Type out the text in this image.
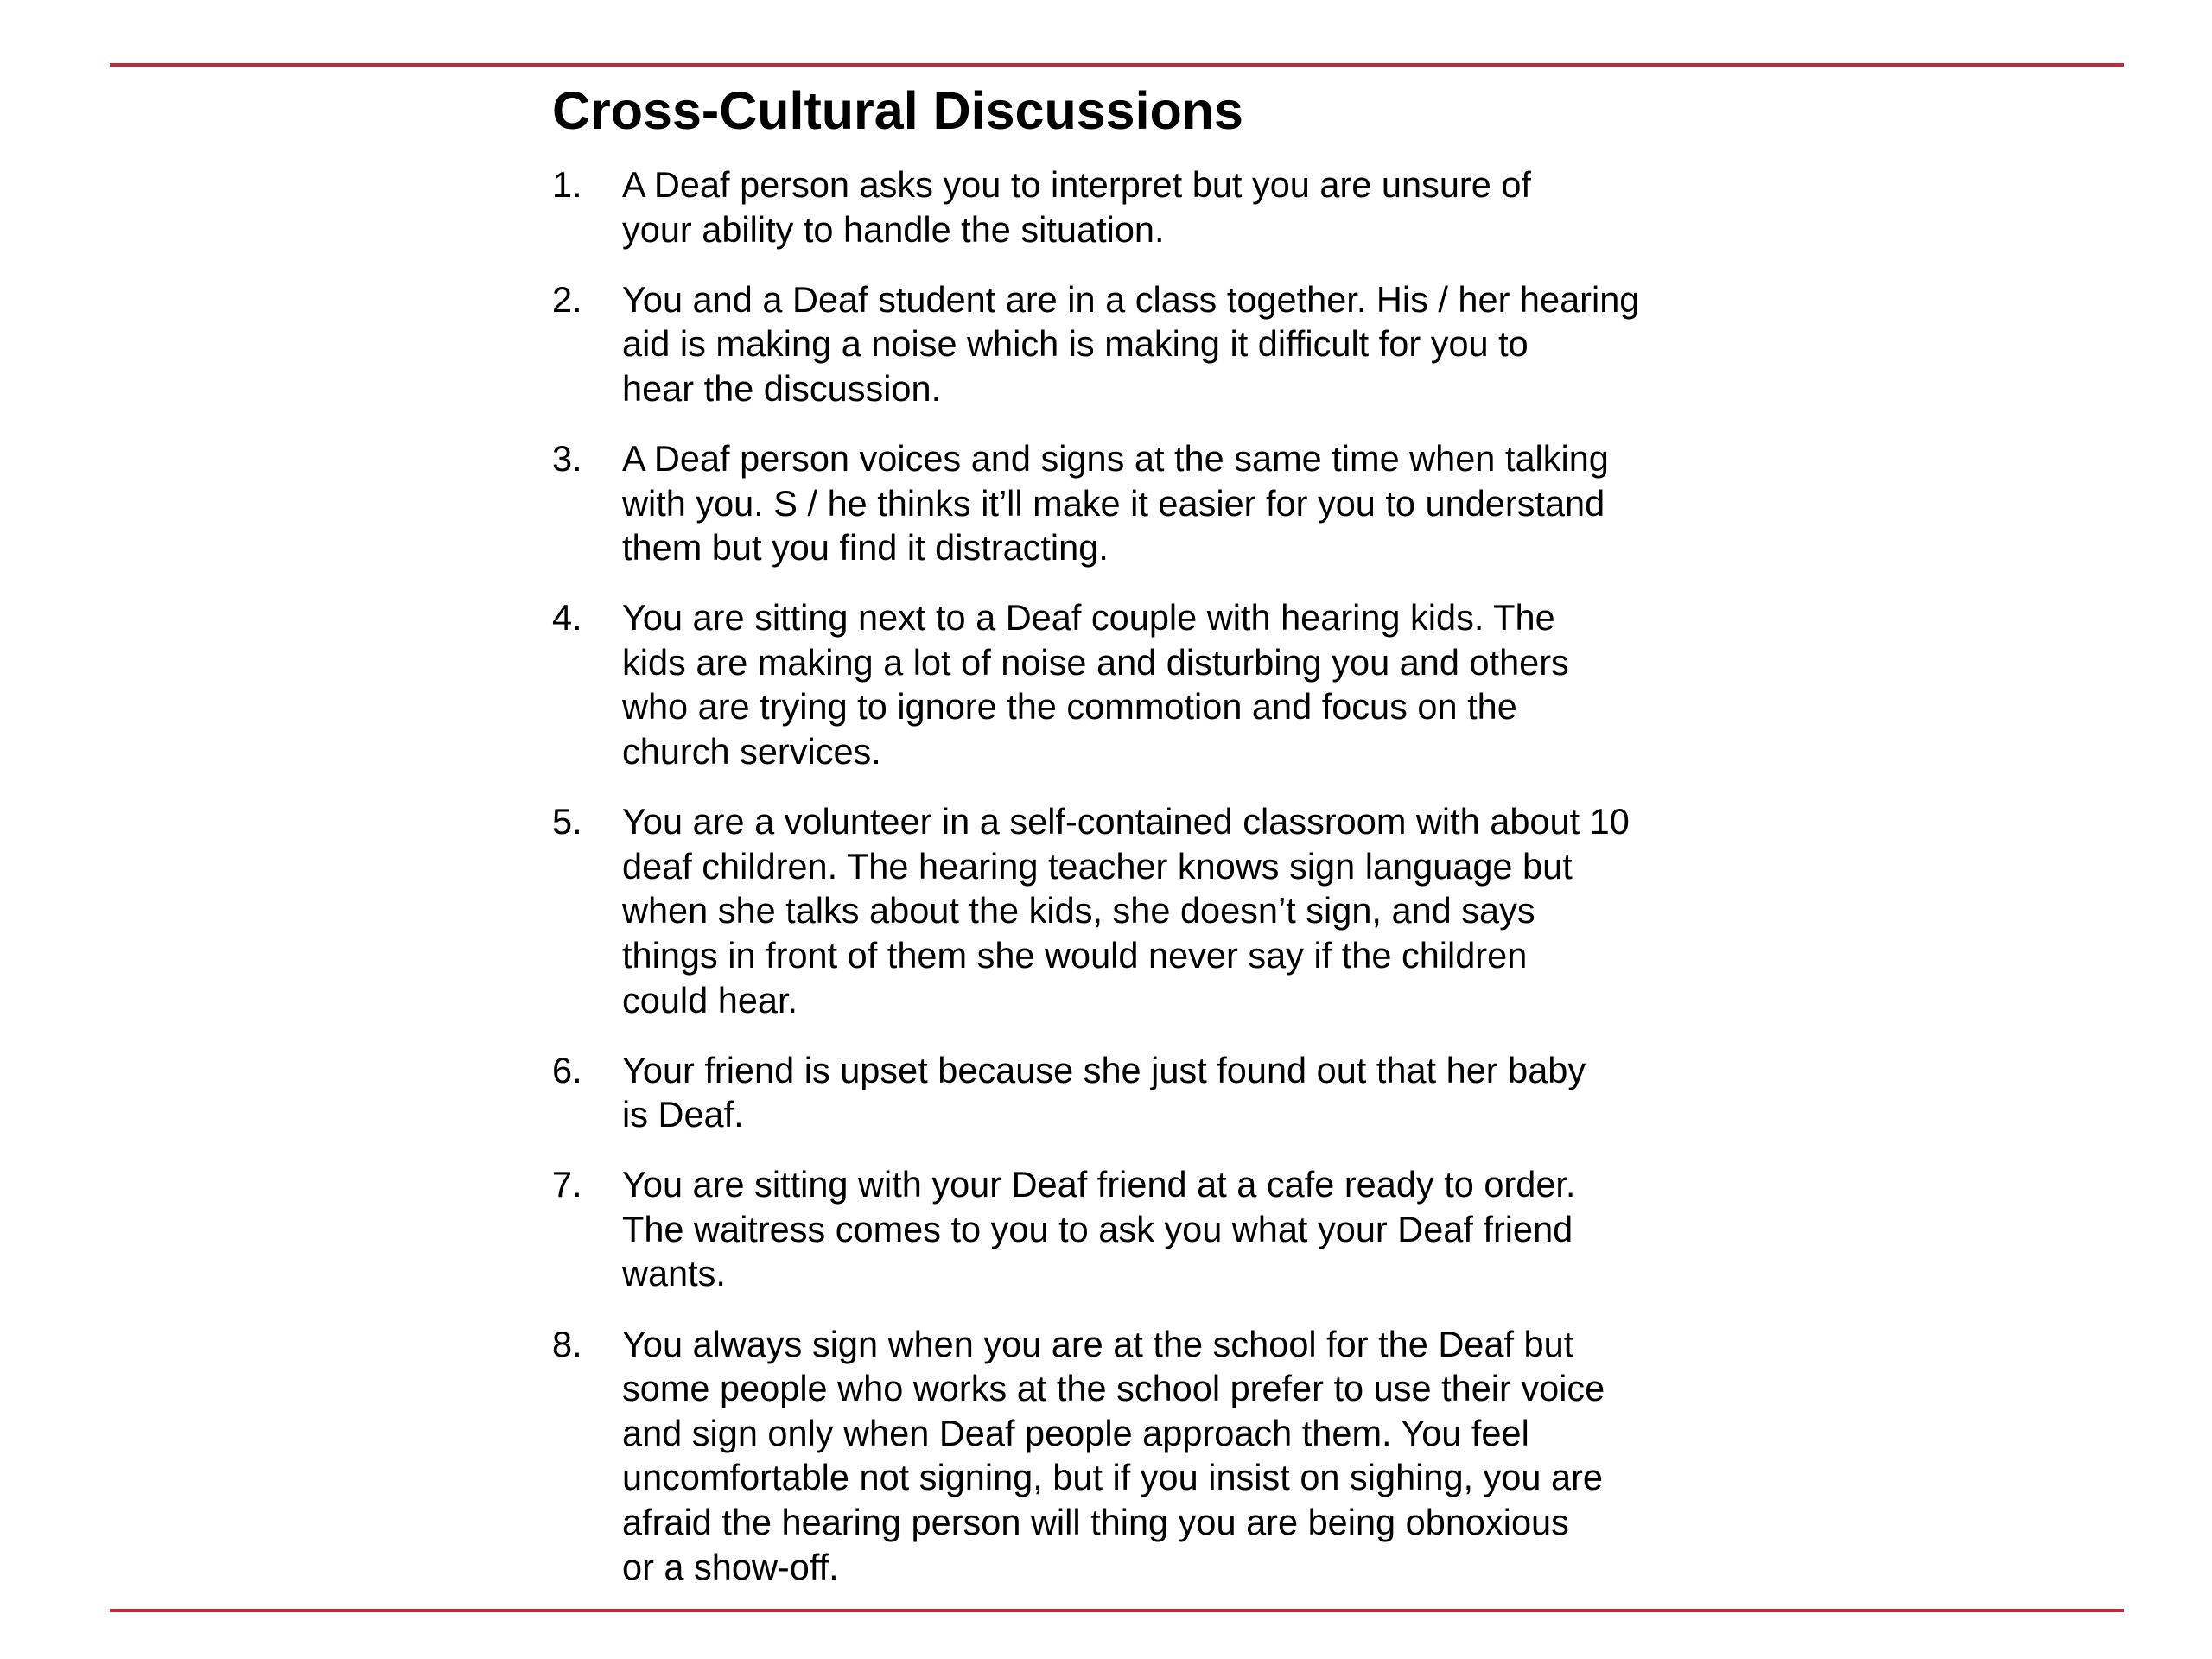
Cross-Cultural Discussions
1.	A Deaf person asks you to interpret but you are unsure of
your ability to handle the situation.
2.	You and a Deaf student are in a class together. His / her hearing
aid is making a noise which is making it difficult for you to
hear the discussion.
3.	A Deaf person voices and signs at the same time when talking
with you. S / he thinks it’ll make it easier for you to understand
them but you find it distracting.
4.	You are sitting next to a Deaf couple with hearing kids. The
kids are making a lot of noise and disturbing you and others
who are trying to ignore the commotion and focus on the
church services.
5.	You are a volunteer in a self-contained classroom with about 10
deaf children. The hearing teacher knows sign language but
when she talks about the kids, she doesn’t sign, and says
things in front of them she would never say if the children
could hear.
6.	Your friend is upset because she just found out that her baby
is Deaf.
7.	You are sitting with your Deaf friend at a cafe ready to order.
The waitress comes to you to ask you what your Deaf friend
wants.
8.	You always sign when you are at the school for the Deaf but
some people who works at the school prefer to use their voice
and sign only when Deaf people approach them. You feel
uncomfortable not signing, but if you insist on sighing, you are
afraid the hearing person will thing you are being obnoxious
or a show-off.
